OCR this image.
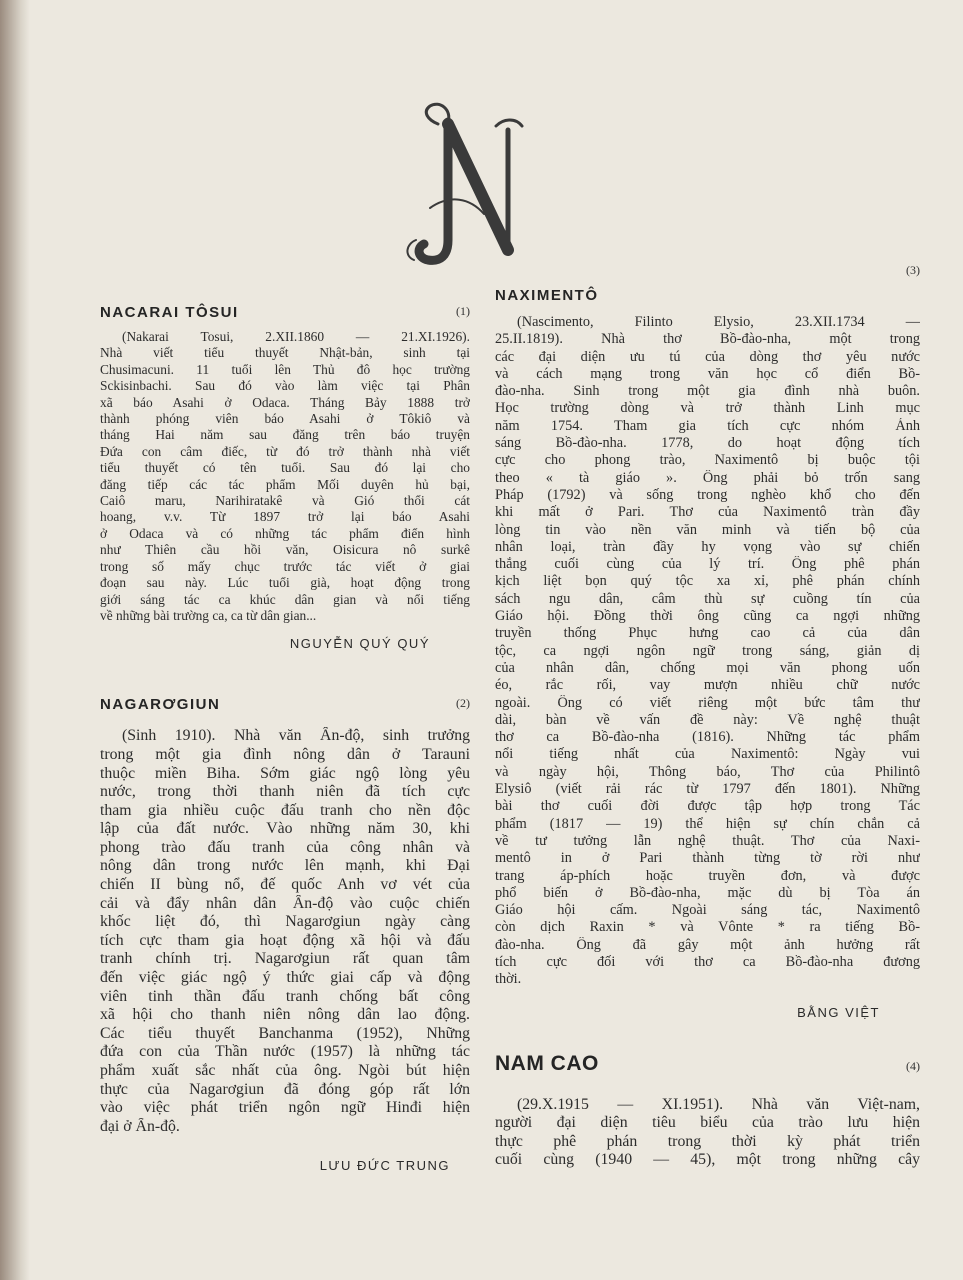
N
NACARAI TÔSUI	(1)
(Nakarai Tosui, 2.XII.1860 — 21.XI.1926).
Nhà viết tiểu thuyết Nhật-bản, sinh tại
Chusimacuni. 11 tuổi lên Thủ đô học trường
Sckisinbachi. Sau đó vào làm việc tại Phân
xã báo Asahi ở Odaca. Tháng Bảy 1888 trở
thành phóng viên báo Asahi ở Tôkiô và
tháng Hai năm sau đăng trên báo truyện
Đứa con câm điếc, từ đó trở thành nhà viết
tiểu thuyết có tên tuổi. Sau đó lại cho
đăng tiếp các tác phẩm Mối duyên hủ bại,
Caiô maru, Narihiratakê và Gió thổi cát
hoang, v.v. Từ 1897 trở lại báo Asahi
ở Odaca và có những tác phẩm điển hình
như Thiên cầu hồi văn, Oisicura nô surkê
trong số mấy chục trước tác viết ở giai
đoạn sau này. Lúc tuổi già, hoạt động trong
giới sáng tác ca khúc dân gian và nổi tiếng
về những bài trường ca, ca từ dân gian...
NGUYỄN QUÝ QUÝ
NAGARƠGIUN	(2)
(Sinh 1910). Nhà văn Ấn-độ, sinh trưởng
trong một gia đình nông dân ở Tarauni
thuộc miền Biha. Sớm giác ngộ lòng yêu
nước, trong thời thanh niên đã tích cực
tham gia nhiều cuộc đấu tranh cho nền độc
lập của đất nước. Vào những năm 30, khi
phong trào đấu tranh của công nhân và
nông dân trong nước lên mạnh, khi Đại
chiến II bùng nổ, đế quốc Anh vơ vét của
cải và đẩy nhân dân Ấn-độ vào cuộc chiến
khốc liệt đó, thì Nagarơgiun ngày càng
tích cực tham gia hoạt động xã hội và đấu
tranh chính trị. Nagarơgiun rất quan tâm
đến việc giác ngộ ý thức giai cấp và động
viên tinh thần đấu tranh chống bất công
xã hội cho thanh niên nông dân lao động.
Các tiểu thuyết Banchanma (1952), Những
đứa con của Thần nước (1957) là những tác
phẩm xuất sắc nhất của ông. Ngòi bút hiện
thực của Nagarơgiun đã đóng góp rất lớn
vào việc phát triển ngôn ngữ Hinđi hiện
đại ở Ấn-độ.
LƯU ĐỨC TRUNG
NAXIMENTÔ
(3)
(Nascimento, Filinto Elysio, 23.XII.1734 —
25.II.1819). Nhà thơ Bồ-đào-nha, một trong
các đại diện ưu tú của dòng thơ yêu nước
và cách mạng trong văn học cổ điển Bồ-
đào-nha. Sinh trong một gia đình nhà buôn.
Học trường dòng và trở thành Linh mục
năm 1754. Tham gia tích cực nhóm Ánh
sáng Bồ-đào-nha. 1778, do hoạt động tích
cực cho phong trào, Naximentô bị buộc tội
theo « tà giáo ». Ông phải bỏ trốn sang
Pháp (1792) và sống trong nghèo khổ cho đến
khi mất ở Pari. Thơ của Naximentô tràn đầy
lòng tin vào nền văn minh và tiến bộ của
nhân loại, tràn đầy hy vọng vào sự chiến
thắng cuối cùng của lý trí. Ông phê phán
kịch liệt bọn quý tộc xa xỉ, phê phán chính
sách ngu dân, câm thù sự cuồng tín của
Giáo hội. Đồng thời ông cũng ca ngợi những
truyền thống Phục hưng cao cả của dân
tộc, ca ngợi ngôn ngữ trong sáng, giản dị
của nhân dân, chống mọi văn phong uốn
éo, rắc rối, vay mượn nhiều chữ nước
ngoài. Ông có viết riêng một bức tâm thư
dài, bàn về vấn đề này: Về nghệ thuật
thơ ca Bồ-đào-nha (1816). Những tác phẩm
nổi tiếng nhất của Naximentô: Ngày vui
và ngày hội, Thông báo, Thơ của Philintô
Elysiô (viết rải rác từ 1797 đến 1801). Những
bài thơ cuối đời được tập hợp trong Tác
phẩm (1817 — 19) thể hiện sự chín chắn cả
về tư tưởng lẫn nghệ thuật. Thơ của Naxi-
mentô in ở Pari thành từng tờ rời như
trang áp-phích hoặc truyền đơn, và được
phổ biến ở Bồ-đào-nha, mặc dù bị Tòa án
Giáo hội cấm. Ngoài sáng tác, Naximentô
còn dịch Raxin * và Vônte * ra tiếng Bồ-
đào-nha. Ông đã gây một ảnh hưởng rất
tích cực đối với thơ ca Bồ-đào-nha đương
thời.
BẰNG VIỆT
NAM CAO	(4)
(29.X.1915 — XI.1951). Nhà văn Việt-nam,
người đại diện tiêu biểu của trào lưu hiện
thực phê phán trong thời kỳ phát triển
cuối cùng (1940 — 45), một trong những cây
